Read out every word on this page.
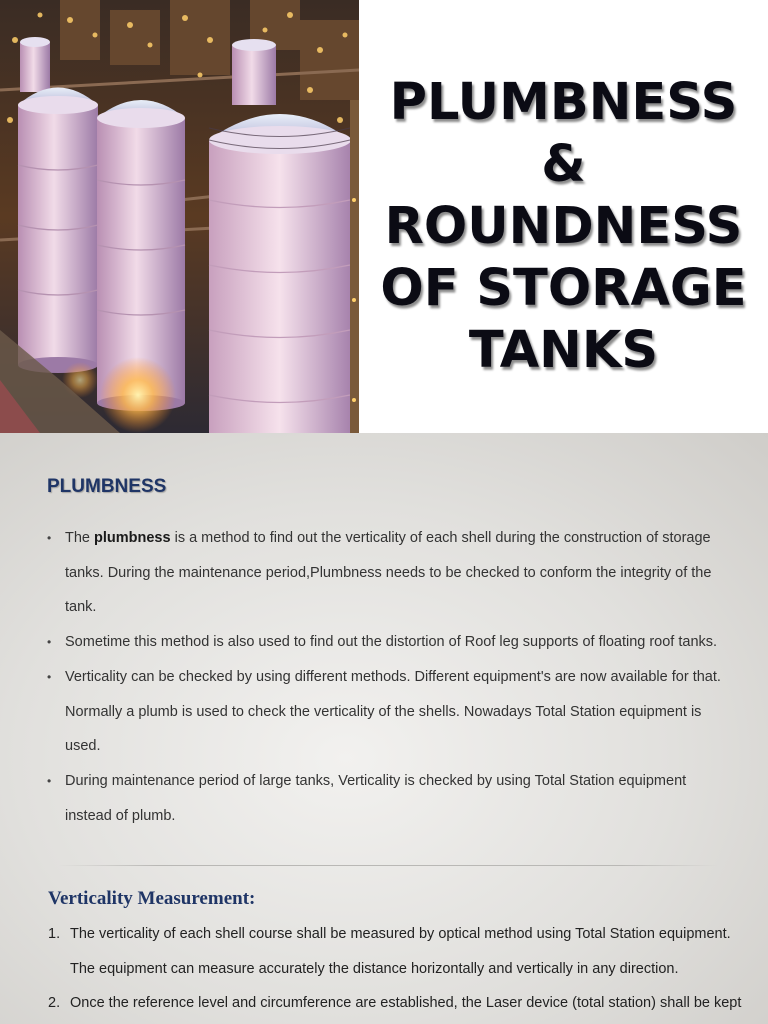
PLUMBNESS
&
ROUNDNESS
OF STORAGE
TANKS
PLUMBNESS
• The plumbness is a method to find out the verticality of each shell during the construction of storage tanks. During the maintenance period,Plumbness needs to be checked to conform the integrity of the tank.
• Sometime this method is also used to find out the distortion of Roof leg supports of floating roof tanks.
• Verticality can be checked by using different methods. Different equipment's are now available for that. Normally a plumb is used to check the verticality of the shells. Nowadays Total Station equipment is used.
• During maintenance period of large tanks, Verticality is checked by using Total Station equipment instead of plumb.
Verticality Measurement:
1. The verticality of each shell course shall be measured by optical method using Total Station equipment. The equipment can measure accurately the distance horizontally and vertically in any direction.
2. Once the reference level and circumference are established, the Laser device (total station) shall be kept
